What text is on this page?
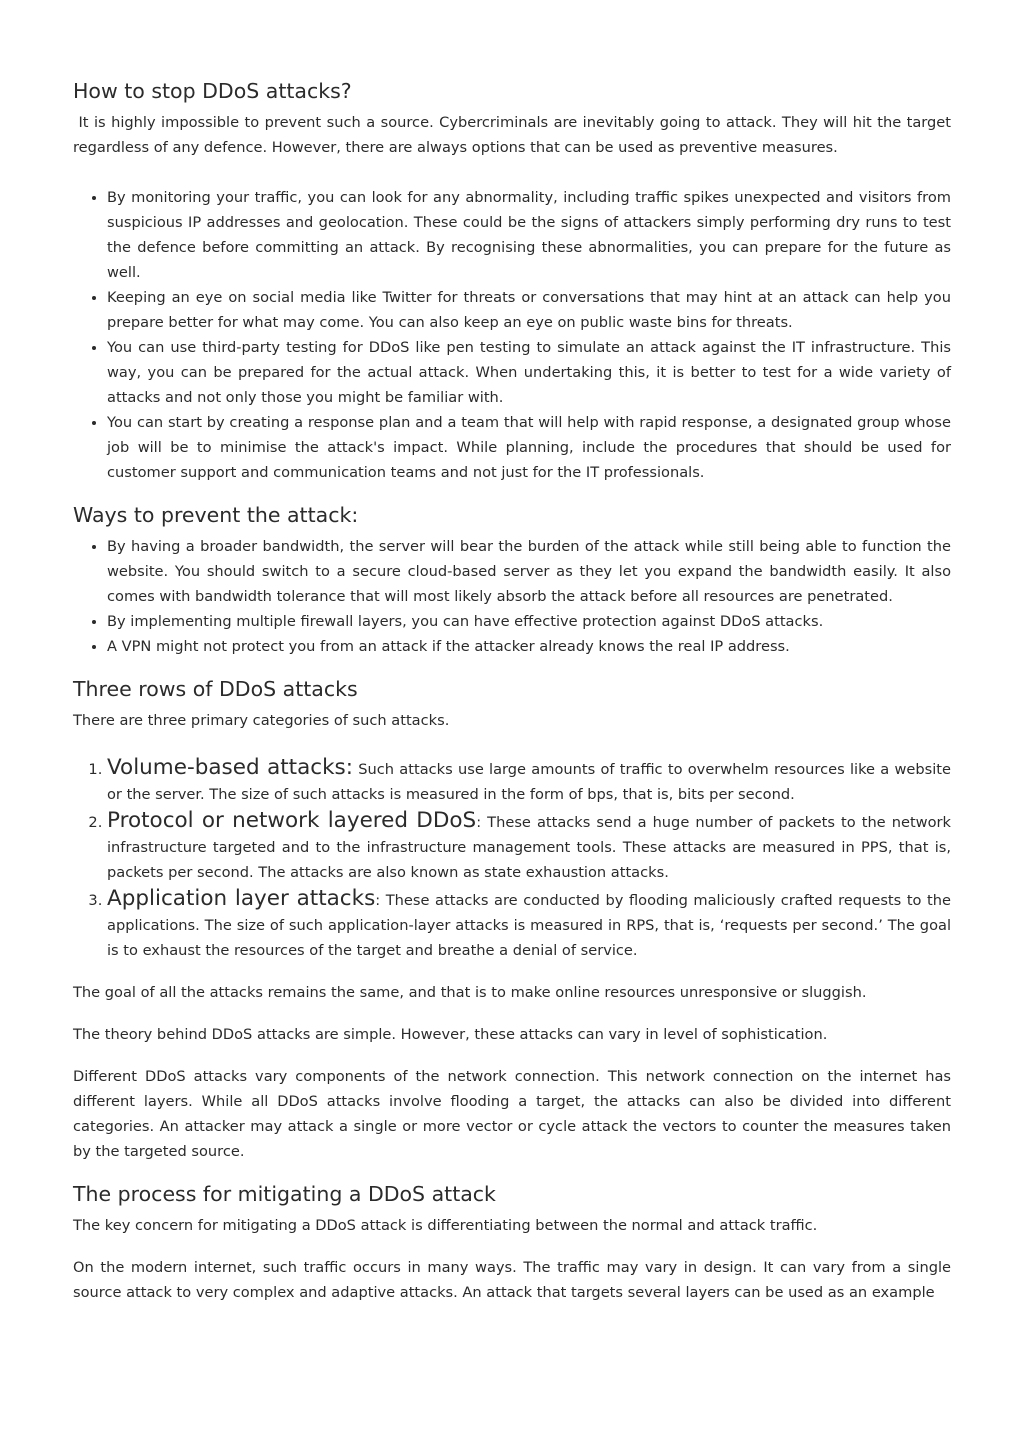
How to stop DDoS attacks?

It is highly impossible to prevent such a source. Cybercriminals are inevitably going to attack. They will hit the target regardless of any defence. However, there are always options that can be used as preventive measures.

• By monitoring your traffic, you can look for any abnormality, including traffic spikes unexpected and visitors from suspicious IP addresses and geolocation. These could be the signs of attackers simply performing dry runs to test the defence before committing an attack. By recognising these abnormalities, you can prepare for the future as well.
• Keeping an eye on social media like Twitter for threats or conversations that may hint at an attack can help you prepare better for what may come. You can also keep an eye on public waste bins for threats.
• You can use third-party testing for DDoS like pen testing to simulate an attack against the IT infrastructure. This way, you can be prepared for the actual attack. When undertaking this, it is better to test for a wide variety of attacks and not only those you might be familiar with.
• You can start by creating a response plan and a team that will help with rapid response, a designated group whose job will be to minimise the attack's impact. While planning, include the procedures that should be used for customer support and communication teams and not just for the IT professionals.
Ways to prevent the attack:
• By having a broader bandwidth, the server will bear the burden of the attack while still being able to function the website. You should switch to a secure cloud-based server as they let you expand the bandwidth easily. It also comes with bandwidth tolerance that will most likely absorb the attack before all resources are penetrated.
• By implementing multiple firewall layers, you can have effective protection against DDoS attacks.
• A VPN might not protect you from an attack if the attacker already knows the real IP address.
Three rows of DDoS attacks

There are three primary categories of such attacks.

1. Volume-based attacks: Such attacks use large amounts of traffic to overwhelm resources like a website or the server. The size of such attacks is measured in the form of bps, that is, bits per second.
2. Protocol or network layered DDoS: These attacks send a huge number of packets to the network infrastructure targeted and to the infrastructure management tools. These attacks are measured in PPS, that is, packets per second. The attacks are also known as state exhaustion attacks.
3. Application layer attacks: These attacks are conducted by flooding maliciously crafted requests to the applications. The size of such application-layer attacks is measured in RPS, that is, ‘requests per second.’ The goal is to exhaust the resources of the target and breathe a denial of service.

The goal of all the attacks remains the same, and that is to make online resources unresponsive or sluggish.

The theory behind DDoS attacks are simple. However, these attacks can vary in level of sophistication.

Different DDoS attacks vary components of the network connection. This network connection on the internet has different layers. While all DDoS attacks involve flooding a target, the attacks can also be divided into different categories. An attacker may attack a single or more vector or cycle attack the vectors to counter the measures taken by the targeted source.

The process for mitigating a DDoS attack

The key concern for mitigating a DDoS attack is differentiating between the normal and attack traffic.

On the modern internet, such traffic occurs in many ways. The traffic may vary in design. It can vary from a single source attack to very complex and adaptive attacks. An attack that targets several layers can be used as an example
